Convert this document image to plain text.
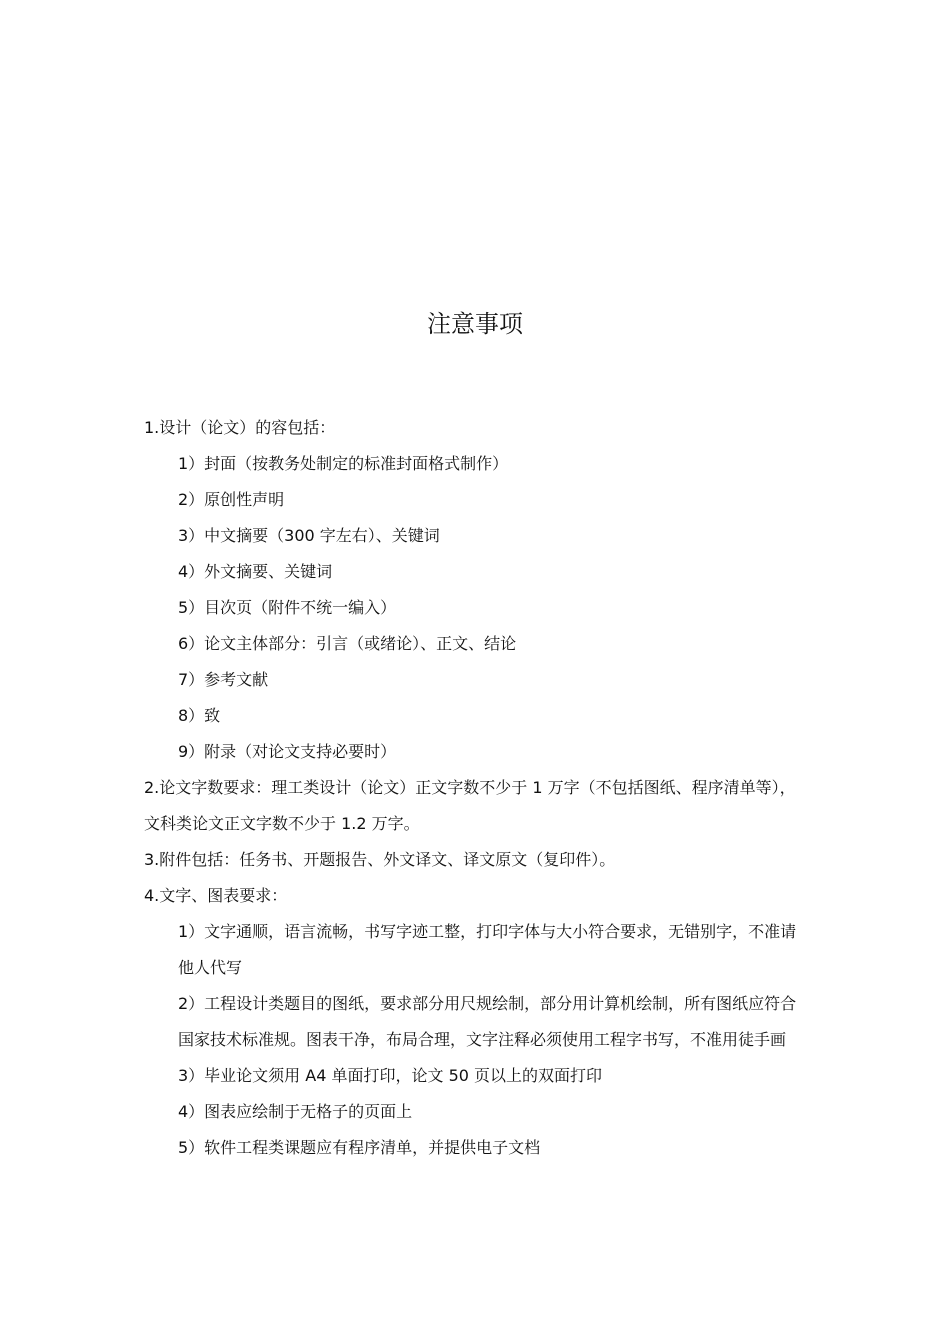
注意事项

1.设计（论文）的容包括：

1）封面（按教务处制定的标准封面格式制作）

2）原创性声明

3）中文摘要（300 字左右）、关键词

4）外文摘要、关键词

5）目次页（附件不统一编入）

6）论文主体部分：引言（或绪论）、正文、结论

7）参考文献

8）致

9）附录（对论文支持必要时）

2.论文字数要求：理工类设计（论文）正文字数不少于 1 万字（不包括图纸、程序清单等），文科类论文正文字数不少于 1.2 万字。

3.附件包括：任务书、开题报告、外文译文、译文原文（复印件）。

4.文字、图表要求：

1）文字通顺，语言流畅，书写字迹工整，打印字体与大小符合要求，无错别字，不准请他人代写

2）工程设计类题目的图纸，要求部分用尺规绘制，部分用计算机绘制，所有图纸应符合国家技术标准规。图表干净，布局合理，文字注释必须使用工程字书写，不准用徒手画

3）毕业论文须用 A4 单面打印，论文 50 页以上的双面打印

4）图表应绘制于无格子的页面上

5）软件工程类课题应有程序清单，并提供电子文档
